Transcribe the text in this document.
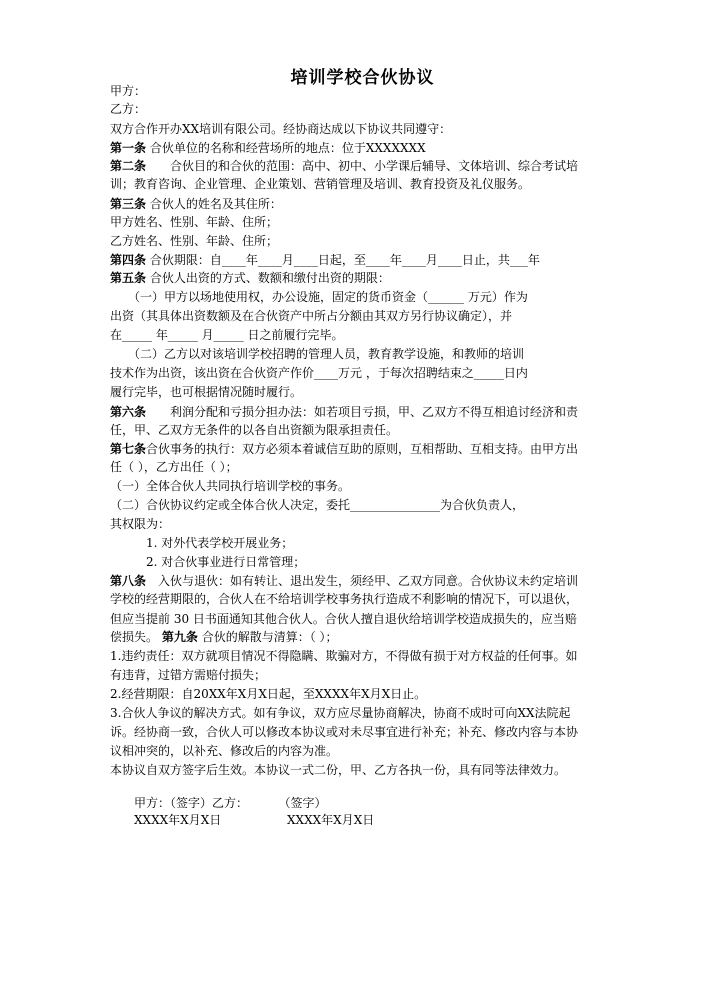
培训学校合伙协议
甲方：
乙方：
双方合作开办XX培训有限公司。经协商达成以下协议共同遵守：
第一条 合伙单位的名称和经营场所的地点：位于XXXXXXX
第二条　　合伙目的和合伙的范围：高中、初中、小学课后辅导、文体培训、综合考试培
训；教育咨询、企业管理、企业策划、营销管理及培训、教育投资及礼仪服务。
第三条 合伙人的姓名及其住所：
甲方姓名、性别、年龄、住所；
乙方姓名、性别、年龄、住所；
第四条 合伙期限：自____年____月____日起，至____年____月____日止，共___年
第五条 合伙人出资的方式、数额和缴付出资的期限：
　　（一）甲方以场地使用权，办公设施，固定的货币资金（______ 万元）作为
出资（其具体出资数额及在合伙资产中所占分额由其双方另行协议确定），并
在_____ 年_____ 月_____ 日之前履行完毕。
　　（二）乙方以对该培训学校招聘的管理人员，教育教学设施，和教师的培训
技术作为出资，该出资在合伙资产作价____万元 ，于每次招聘结束之_____日内
履行完毕，也可根据情况随时履行。
第六条　　利润分配和亏损分担办法：如若项目亏损，甲、乙双方不得互相追讨经济和责
任，甲、乙双方无条件的以各自出资额为限承担责任。
第七条合伙事务的执行：双方必须本着诚信互助的原则，互相帮助、互相支持。由甲方出
任（ ），乙方出任（ ）；
（一）全体合伙人共同执行培训学校的事务。
（二）合伙协议约定或全体合伙人决定，委托_______________为合伙负责人，
其权限为：
1. 对外代表学校开展业务；
2. 对合伙事业进行日常管理；
第八条　入伙与退伙：如有转让、退出发生，须经甲、乙双方同意。合伙协议未约定培训
学校的经营期限的，合伙人在不给培训学校事务执行造成不利影响的情况下，可以退伙，
但应当提前 30 日书面通知其他合伙人。合伙人擅自退伙给培训学校造成损失的，应当赔
偿损失。 第九条 合伙的解散与清算：（ ）；
1.违约责任：双方就项目情况不得隐瞒、欺骗对方，不得做有损于对方权益的任何事。如
有违背，过错方需赔付损失；
2.经营期限：自20XX年X月X日起，至XXXX年X月X日止。
3.合伙人争议的解决方式。如有争议，双方应尽量协商解决，协商不成时可向XX法院起
诉。经协商一致，合伙人可以修改本协议或对未尽事宜进行补充；补充、修改内容与本协
议相冲突的，以补充、修改后的内容为准。
本协议自双方签字后生效。本协议一式二份，甲、乙方各执一份，具有同等法律效力。
甲方：（签字）乙方：        （签字）
XXXX年X月X日	XXXX年X月X日
